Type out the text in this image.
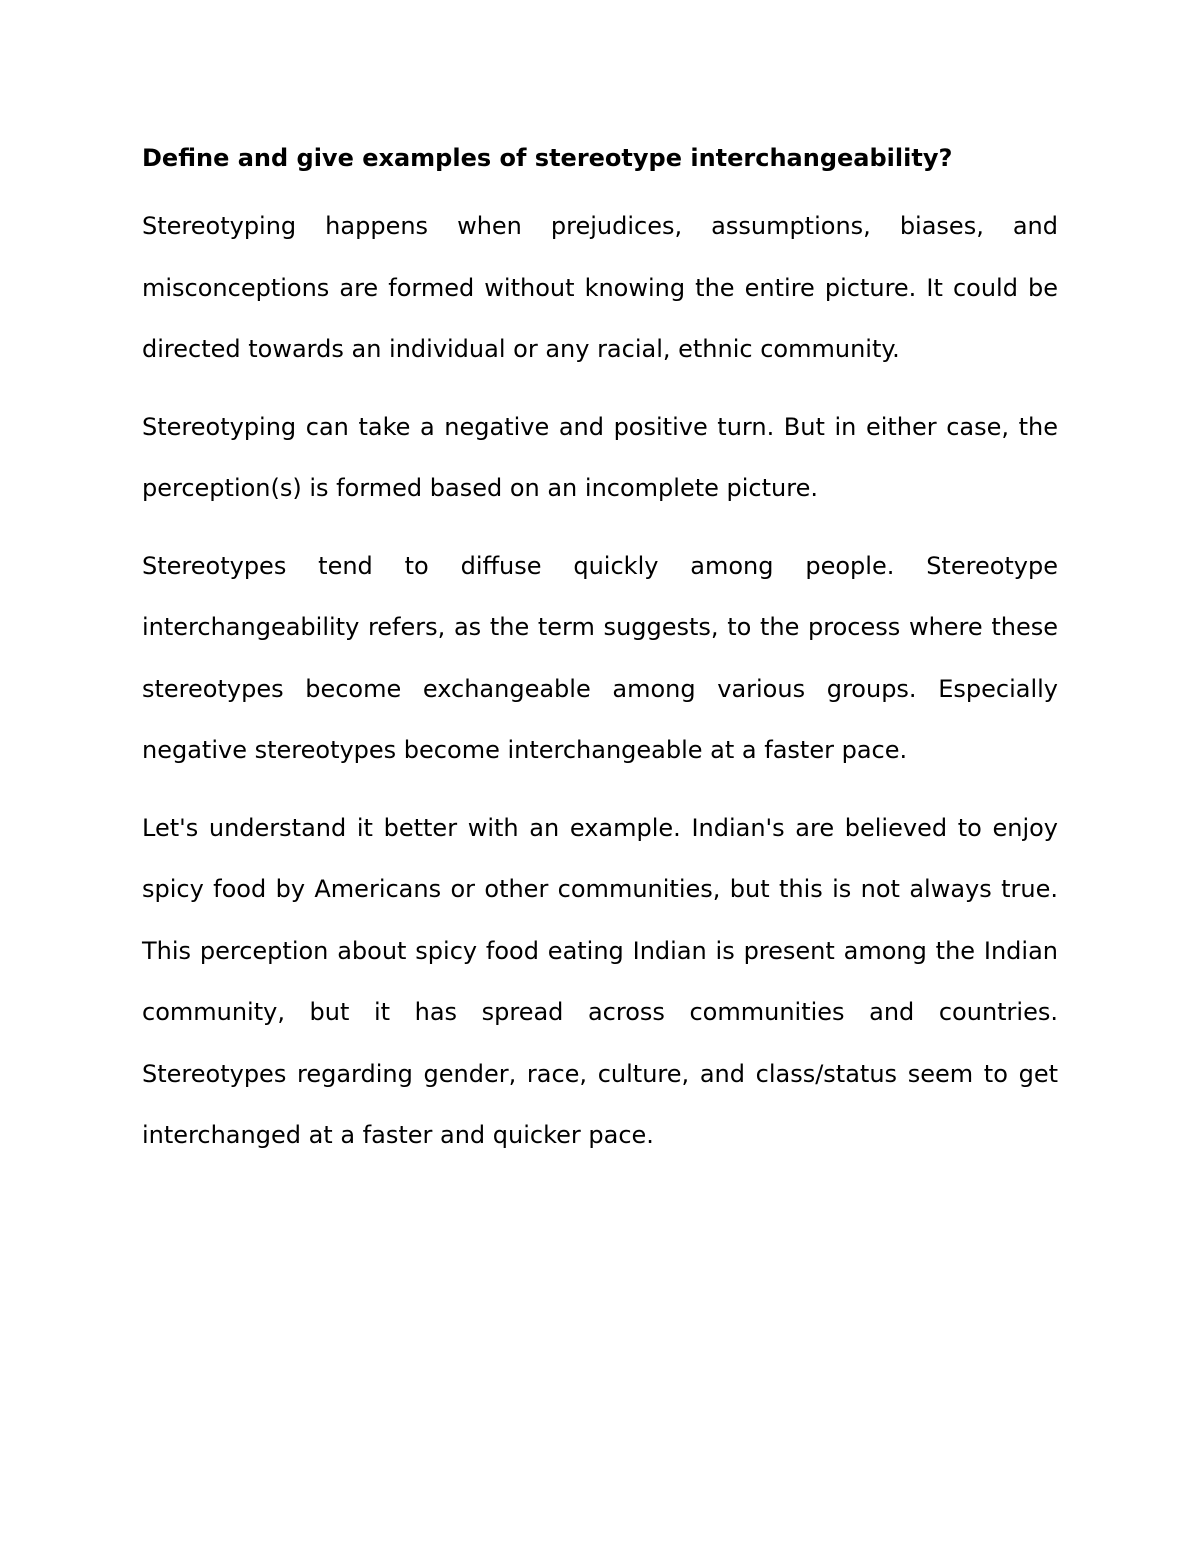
Define and give examples of stereotype interchangeability?

Stereotyping happens when prejudices, assumptions, biases, and misconceptions are formed without knowing the entire picture. It could be directed towards an individual or any racial, ethnic community.

Stereotyping can take a negative and positive turn. But in either case, the perception(s) is formed based on an incomplete picture.

Stereotypes tend to diffuse quickly among people. Stereotype interchangeability refers, as the term suggests, to the process where these stereotypes become exchangeable among various groups. Especially negative stereotypes become interchangeable at a faster pace.

Let's understand it better with an example. Indian's are believed to enjoy spicy food by Americans or other communities, but this is not always true. This perception about spicy food eating Indian is present among the Indian community, but it has spread across communities and countries. Stereotypes regarding gender, race, culture, and class/status seem to get interchanged at a faster and quicker pace.
